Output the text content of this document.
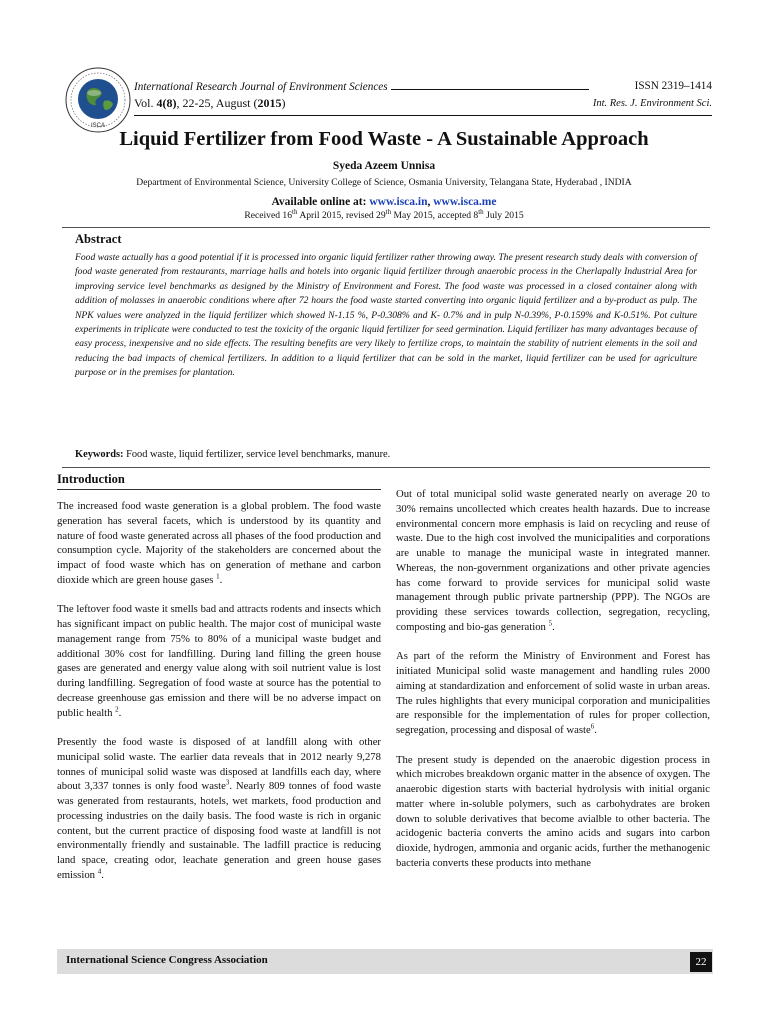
ISCA
International Research Journal of Environment Sciences	ISSN 2319–1414
Vol. 4(8), 22-25, August (2015)	Int. Res. J. Environment Sci.
Liquid Fertilizer from Food Waste - A Sustainable Approach
Syeda Azeem Unnisa
Department of Environmental Science, University College of Science, Osmania University, Telangana State, Hyderabad , INDIA
Available online at: www.isca.in, www.isca.me
Received 16th April 2015, revised 29th May 2015, accepted 8th July 2015
Abstract
Food waste actually has a good potential if it is processed into organic liquid fertilizer rather throwing away. The present research study deals with conversion of food waste generated from restaurants, marriage halls and hotels into organic liquid fertilizer through anaerobic process in the Cherlapally Industrial Area for improving service level benchmarks as designed by the Ministry of Environment and Forest. The food waste was processed in a closed container along with addition of molasses in anaerobic conditions where after 72 hours the food waste started converting into organic liquid fertilizer and a by-product as pulp. The NPK values were analyzed in the liquid fertilizer which showed N-1.15 %, P-0.308% and K- 0.7% and in pulp N-0.39%, P-0.159% and K-0.51%. Pot culture experiments in triplicate were conducted to test the toxicity of the organic liquid fertilizer for seed germination. Liquid fertilizer has many advantages because of easy process, inexpensive and no side effects. The resulting benefits are very likely to fertilize crops, to maintain the stability of nutrient elements in the soil and reducing the bad impacts of chemical fertilizers. In addition to a liquid fertilizer that can be sold in the market, liquid fertilizer can be used for agriculture purpose or in the premises for plantation.
Keywords: Food waste, liquid fertilizer, service level benchmarks, manure.
Introduction

The increased food waste generation is a global problem. The food waste generation has several facets, which is understood by its quantity and nature of food waste generated across all phases of the food production and consumption cycle. Majority of the stakeholders are concerned about the impact of food waste which has on generation of methane and carbon dioxide which are green house gases $^1$.

The leftover food waste it smells bad and attracts rodents and insects which has significant impact on public health. The major cost of municipal waste management range from 75% to 80% of a municipal waste budget and additional 30% cost for landfilling. During land filling the green house gases are generated and energy value along with soil nutrient value is lost during landfilling. Segregation of food waste at source has the potential to decrease greenhouse gas emission and there will be no adverse impact on public health $^2$.

Presently the food waste is disposed of at landfill along with other municipal solid waste. The earlier data reveals that in 2012 nearly 9,278 tonnes of municipal solid waste was disposed at landfills each day, where about 3,337 tonnes is only food waste$^3$. Nearly 809 tonnes of food waste was generated from restaurants, hotels, wet markets, food production and processing industries on the daily basis. The food waste is rich in organic content, but the current practice of disposing food waste at landfill is not environmentally friendly and sustainable. The ladfill practice is reducing land space, creating odor, leachate generation and green house gases emission $^4$.

Out of total municipal solid waste generated nearly on average 20 to 30% remains uncollected which creates health hazards. Due to increase environmental concern more emphasis is laid on recycling and reuse of waste. Due to the high cost involved the municipalities and corporations are unable to manage the municipal waste in integrated manner. Whereas, the non-government organizations and other private agencies has come forward to provide services for municipal solid waste management through public private partnership (PPP). The NGOs are providing these services towards collection, segregation, recycling, composting and bio-gas generation $^5$.

As part of the reform the Ministry of Environment and Forest has initiated Municipal solid waste management and handling rules 2000 aiming at standardization and enforcement of solid waste in urban areas. The rules highlights that every municipal corporation and municipalities are responsible for the implementation of rules for proper collection, segregation, processing and disposal of waste$^6$.

The present study is depended on the anaerobic digestion process in which microbes breakdown organic matter in the absence of oxygen. The anaerobic digestion starts with bacterial hydrolysis with initial organic matter where in-soluble polymers, such as carbohydrates are broken down to soluble derivatives that become avialble to other bacteria. The acidogenic bacteria converts the amino acids and sugars into carbon dioxide, hydrogen, ammonia and organic acids, further the methanogenic bacteria converts these products into methane

International Science Congress Association	22
